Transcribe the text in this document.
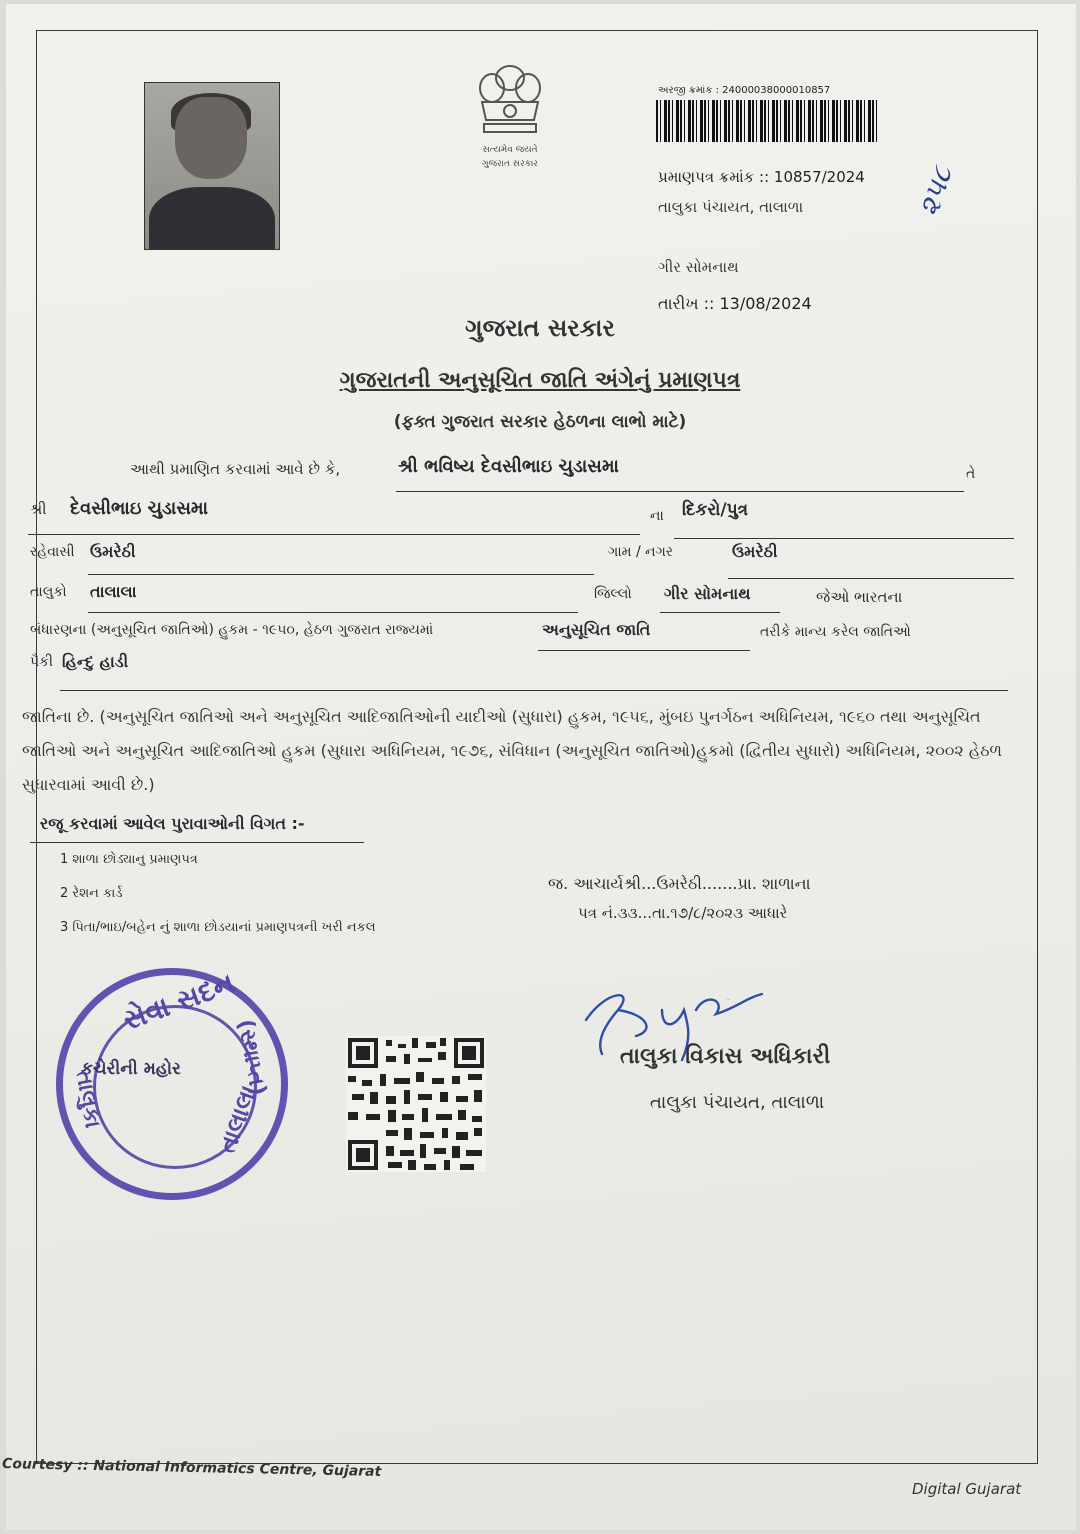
સત્યમેવ જયતે
ગુજરાત સરકાર
અરજી ક્રમાંક : 24000038000010857
પ્રમાણપત્ર ક્રમાંક :: 10857/2024
તાલુકા પંચાયત, તાલાળા
ગીર સોમનાથ
તારીખ :: 13/08/2024
૨૫૮
ગુજરાત સરકાર
ગુજરાતની અનુસૂચિત જાતિ અંગેનું પ્રમાણપત્ર
(ફક્ત ગુજરાત સરકાર હેઠળના લાભો માટે)
આથી પ્રમાણિત કરવામાં આવે છે કે,	શ્રી ભવિષ્ય દેવસીભાઇ ચુડાસમા	તે
શ્રી દેવસીભાઇ ચુડાસમા	ના દિકરો/પુત્ર
રહેવાસી ઉમરેઠી	ગામ / નગર	ઉમરેઠી
તાલુકો તાલાલા	જિલ્લો ગીર સોમનાથ	જેઓ ભારતના
બંધારણના (અનુસૂચિત જાતિઓ) હુકમ - ૧૯૫૦, હેઠળ ગુજરાત રાજ્યમાં	અનુસૂચિત જાતિ	તરીકે માન્ય કરેલ જાતિઓ
પૈકી હિન્દુ હાડી
જાતિના છે. (અનુસૂચિત જાતિઓ અને અનુસૂચિત આદિજાતિઓની યાદીઓ (સુધારા) હુકમ, ૧૯૫૬, મુંબઇ પુનર્ગઠન અધિનિયમ, ૧૯૬૦ તથા અનુસૂચિત જાતિઓ અને અનુસૂચિત આદિજાતિઓ હુકમ (સુધારા અધિનિયમ, ૧૯૭૬, સંવિધાન (અનુસૂચિત જાતિઓ)હુકમો (દ્વિતીય સુધારો) અધિનિયમ, ૨૦૦૨ હેઠળ સુધારવામાં આવી છે.)
રજૂ કરવામાં આવેલ પુરાવાઓની વિગત :-
1 શાળા છોડ્યાનુ પ્રમાણપત્ર
2 રેશન કાર્ડ
3 પિતા/ભાઇ/બહેન નું શાળા છોડયાનાં પ્રમાણપત્રની ખરી નકલ
જ. આચાર્યશ્રી...ઉમરેઠી.......પ્રા. શાળાના
પત્ર નં.૩૩...તા.૧૭/૮/૨૦૨૩ આધારે
R Pujani
તાલુકા વિકાસ અધિકારી
તાલુકા પંચાયત, તાલાળા
સેવા સદન
(સ્થાપ્ત)
તાલાલા
તાલુકા
કચેરીની મહોર
Courtesy :: National Informatics Centre, Gujarat
Digital Gujarat
